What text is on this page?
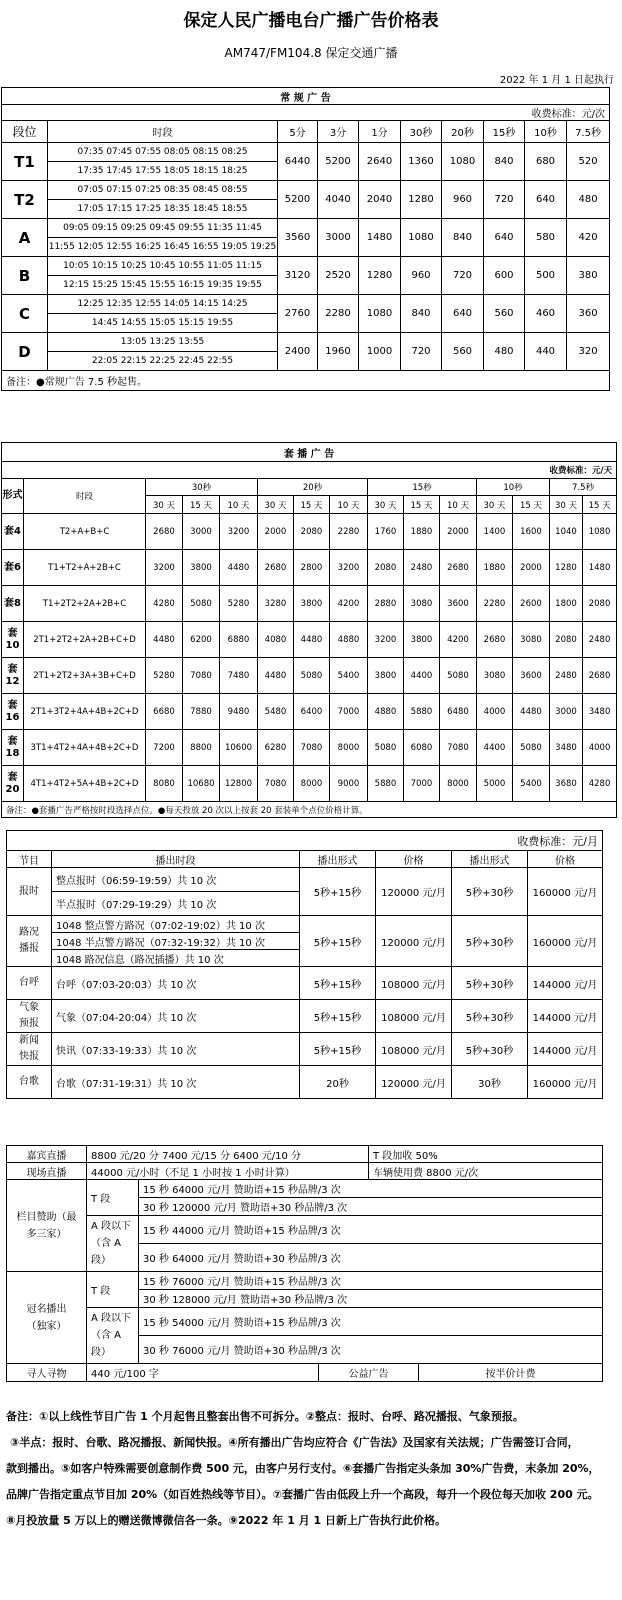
保定人民广播电台广播广告价格表
AM747/FM104.8 保定交通广播
2022 年 1 月 1 日起执行
常 规 广 告									
收费标准：元/次									
段位	时段	5分	3分	1分	30秒	20秒	15秒	10秒	7.5秒
T1	07:35 07:45 07:55 08:05 08:15 08:25	6440	5200	2640	1360	1080	840	680	520
	17:35 17:45 17:55 18:05 18:15 18:25								
T2	07:05 07:15 07:25 08:35 08:45 08:55	5200	4040	2040	1280	960	720	640	480
	17:05 17:15 17:25 18:35 18:45 18:55								
A	09:05 09:15 09:25 09:45 09:55 11:35 11:45	3560	3000	1480	1080	840	640	580	420
	11:55 12:05 12:55 16:25 16:45 16:55 19:05 19:25								
B	10:05 10:15 10:25 10:45 10:55 11:05 11:15	3120	2520	1280	960	720	600	500	380
	12:15 15:25 15:45 15:55 16:15 19:35 19:55								
C	12:25 12:35 12:55 14:05 14:15 14:25	2760	2280	1080	840	640	560	460	360
	14:45 14:55 15:05 15:15 19:55								
D	13:05 13:25 13:55	2400	1960	1000	720	560	480	440	320
	22:05 22:15 22:25 22:45 22:55								
备注：●常规广告 7.5 秒起售。									
套 播 广 告														
收费标准：元/天														
形式	时段	30秒			20秒			15秒			10秒		7.5秒	
		30 天	15 天	10 天	30 天	15 天	10 天	30 天	15 天	10 天	30 天	15 天	30 天	15 天
套4	T2+A+B+C	2680	3000	3200	2000	2080	2280	1760	1880	2000	1400	1600	1040	1080
套6	T1+T2+A+2B+C	3200	3800	4480	2680	2800	3200	2080	2480	2680	1880	2000	1280	1480
套8	T1+2T2+2A+2B+C	4280	5080	5280	3280	3800	4200	2880	3080	3600	2280	2600	1800	2080
套10	2T1+2T2+2A+2B+C+D	4480	6200	6880	4080	4480	4880	3200	3800	4200	2680	3080	2080	2480
套12	2T1+2T2+3A+3B+C+D	5280	7080	7480	4480	5080	5400	3800	4400	5080	3080	3600	2480	2680
套16	2T1+3T2+4A+4B+2C+D	6680	7880	9480	5480	6400	7000	4880	5880	6480	4000	4480	3000	3480
套18	3T1+4T2+4A+4B+2C+D	7200	8800	10600	6280	7080	8000	5080	6080	7080	4400	5080	3480	4000
套20	4T1+4T2+5A+4B+2C+D	8080	10680	12800	7080	8000	9000	5880	7000	8000	5000	5400	3680	4280
备注：●套播广告严格按时段选择点位。●每天投放 20 次以上按套 20 套装单个点位价格计算。														
收费标准：元/月					
节目	播出时段	播出形式	价格	播出形式	价格
报时	整点报时（06:59-19:59）共 10 次	5秒+15秒	120000 元/月	5秒+30秒	160000 元/月
	半点报时（07:29-19:29）共 10 次				
路况播报	1048 整点警方路况（07:02-19:02）共 10 次	5秒+15秒	120000 元/月	5秒+30秒	160000 元/月
	1048 半点警方路况（07:32-19:32）共 10 次				
	1048 路况信息（路况插播）共 10 次				
台呼	台呼（07:03-20:03）共 10 次	5秒+15秒	108000 元/月	5秒+30秒	144000 元/月
气象预报	气象（07:04-20:04）共 10 次	5秒+15秒	108000 元/月	5秒+30秒	144000 元/月
新闻快报	快讯（07:33-19:33）共 10 次	5秒+15秒	108000 元/月	5秒+30秒	144000 元/月
台歌	台歌（07:31-19:31）共 10 次	20秒	120000 元/月	30秒	160000 元/月
嘉宾直播	8800 元/20 分 7400 元/15 分 6400 元/10 分			T 段加收 50%	
现场直播	44000 元/小时（不足 1 小时按 1 小时计算）			车辆使用费 8800 元/次	
栏目赞助（最多三家）	T 段	15 秒 64000 元/月 赞助语+15 秒品牌/3 次			
		30 秒 120000 元/月 赞助语+30 秒品牌/3 次			
	A 段以下（含 A 段）	15 秒 44000 元/月 赞助语+15 秒品牌/3 次			
		30 秒 64000 元/月 赞助语+30 秒品牌/3 次			
冠名播出（独家）	T 段	15 秒 76000 元/月 赞助语+15 秒品牌/3 次			
		30 秒 128000 元/月 赞助语+30 秒品牌/3 次			
	A 段以下（含 A 段）	15 秒 54000 元/月 赞助语+15 秒品牌/3 次			
		30 秒 76000 元/月 赞助语+30 秒品牌/3 次			
寻人寻物	440 元/100 字		公益广告		按半价计费
备注：①以上线性节目广告 1 个月起售且整套出售不可拆分。②整点：报时、台呼、路况播报、气象预报。
③半点：报时、台歌、路况播报、新闻快报。④所有播出广告均应符合《广告法》及国家有关法规；广告需签订合同，
款到播出。⑤如客户特殊需要创意制作费 500 元，由客户另行支付。⑥套播广告指定头条加 30%广告费，末条加 20%，
品牌广告指定重点节目加 20%（如百姓热线等节目）。⑦套播广告由低段上升一个高段，每升一个段位每天加收 200 元。
⑧月投放量 5 万以上的赠送微博微信各一条。⑨2022 年 1 月 1 日新上广告执行此价格。
